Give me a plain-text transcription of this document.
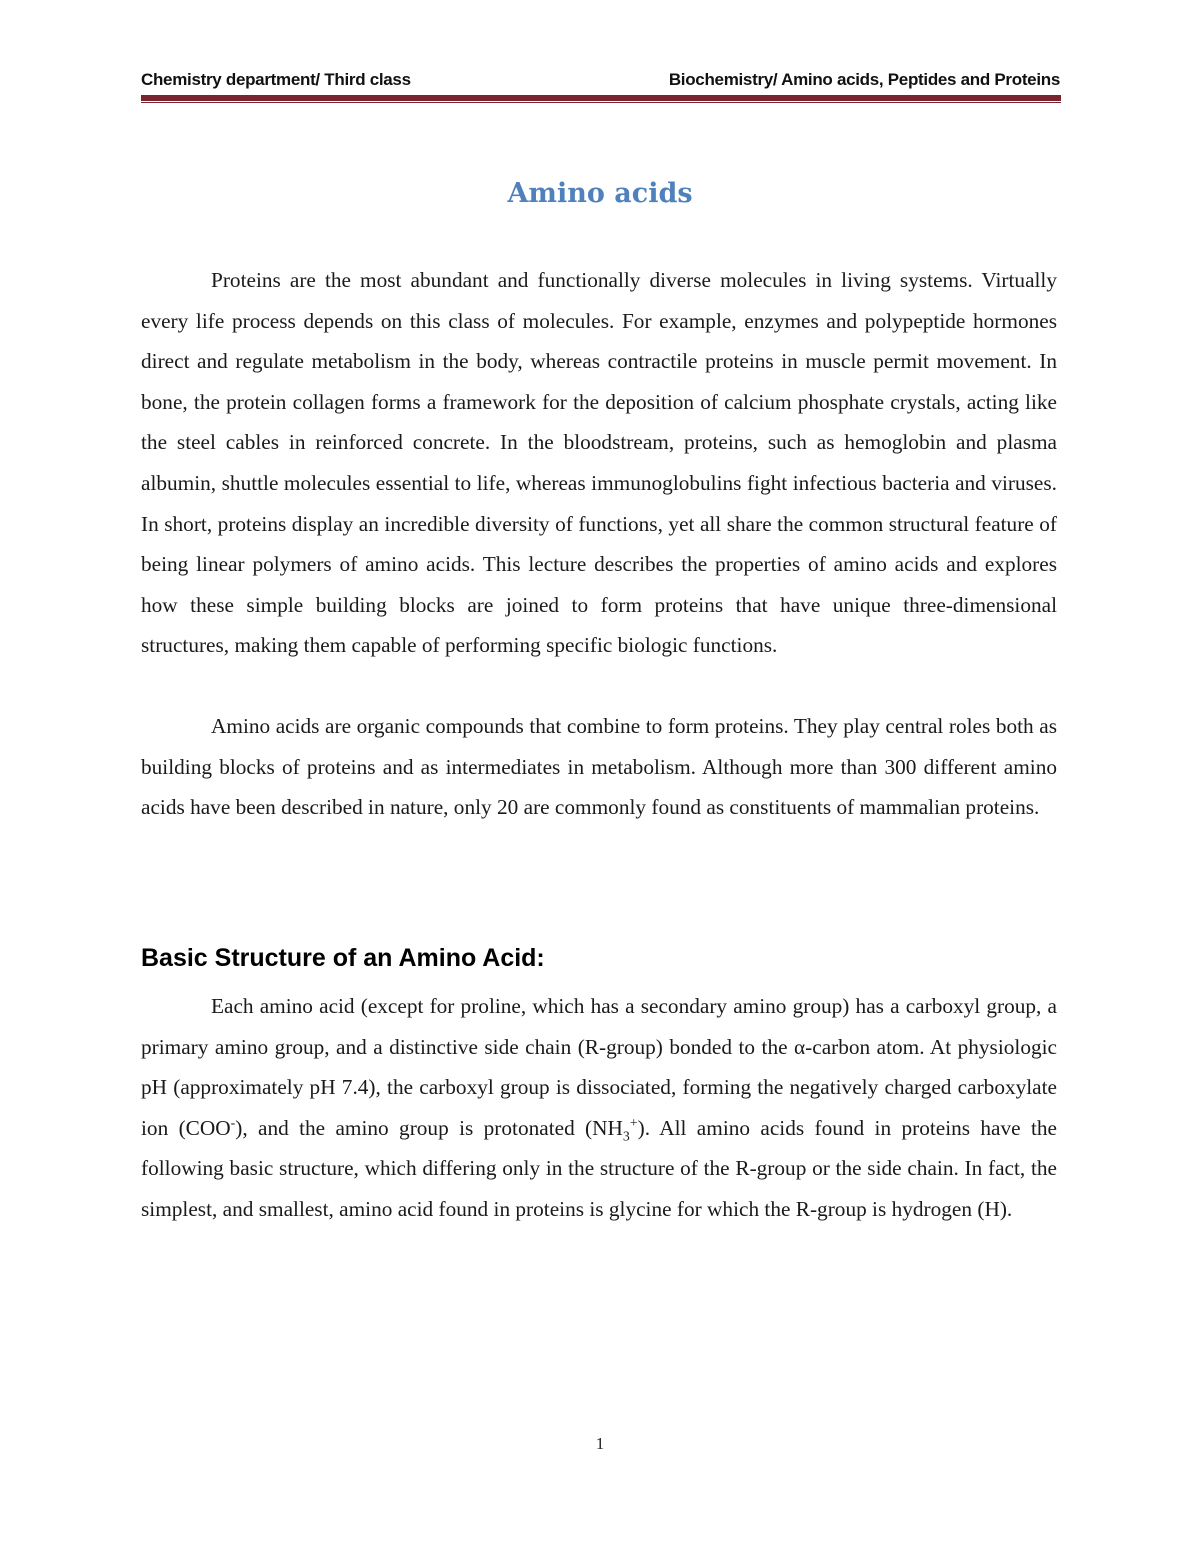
Chemistry department/ Third class	Biochemistry/ Amino acids, Peptides and Proteins
Amino acids

Proteins are the most abundant and functionally diverse molecules in living systems. Virtually every life process depends on this class of molecules. For example, enzymes and polypeptide hormones direct and regulate metabolism in the body, whereas contractile proteins in muscle permit movement. In bone, the protein collagen forms a framework for the deposition of calcium phosphate crystals, acting like the steel cables in reinforced concrete. In the bloodstream, proteins, such as hemoglobin and plasma albumin, shuttle molecules essential to life, whereas immunoglobulins fight infectious bacteria and viruses. In short, proteins display an incredible diversity of functions, yet all share the common structural feature of being linear polymers of amino acids. This lecture describes the properties of amino acids and explores how these simple building blocks are joined to form proteins that have unique three-dimensional structures, making them capable of performing specific biologic functions.

Amino acids are organic compounds that combine to form proteins. They play central roles both as building blocks of proteins and as intermediates in metabolism. Although more than 300 different amino acids have been described in nature, only 20 are commonly found as constituents of mammalian proteins.

Basic Structure of an Amino Acid:

Each amino acid (except for proline, which has a secondary amino group) has a carboxyl group, a primary amino group, and a distinctive side chain (R-group) bonded to the α-carbon atom. At physiologic pH (approximately pH 7.4), the carboxyl group is dissociated, forming the negatively charged carboxylate ion (COO-), and the amino group is protonated $(NH_3^+)$. All amino acids found in proteins have the following basic structure, which differing only in the structure of the R-group or the side chain. In fact, the simplest, and smallest, amino acid found in proteins is glycine for which the R-group is hydrogen (H).

1
